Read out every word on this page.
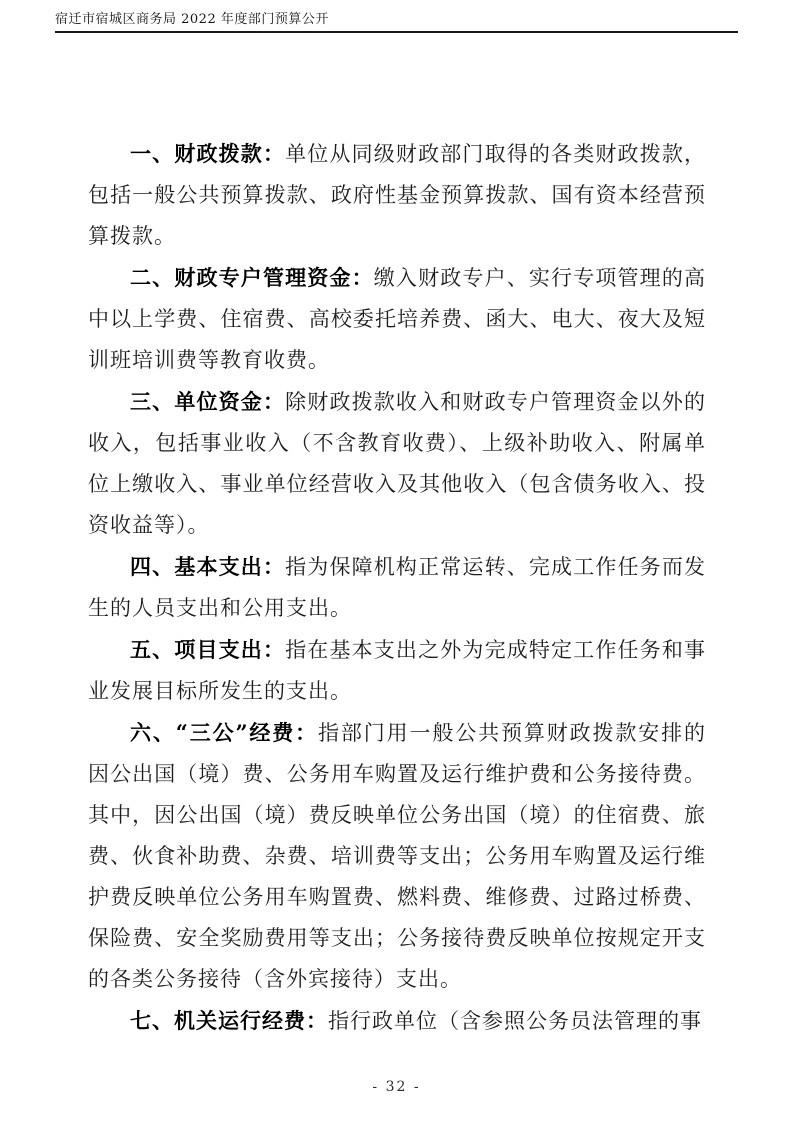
宿迁市宿城区商务局 2022 年度部门预算公开

一、财政拨款：单位从同级财政部门取得的各类财政拨款，包括一般公共预算拨款、政府性基金预算拨款、国有资本经营预算拨款。

二、财政专户管理资金：缴入财政专户、实行专项管理的高中以上学费、住宿费、高校委托培养费、函大、电大、夜大及短训班培训费等教育收费。

三、单位资金：除财政拨款收入和财政专户管理资金以外的收入，包括事业收入（不含教育收费）、上级补助收入、附属单位上缴收入、事业单位经营收入及其他收入（包含债务收入、投资收益等）。

四、基本支出：指为保障机构正常运转、完成工作任务而发生的人员支出和公用支出。

五、项目支出：指在基本支出之外为完成特定工作任务和事业发展目标所发生的支出。

六、“三公”经费：指部门用一般公共预算财政拨款安排的因公出国（境）费、公务用车购置及运行维护费和公务接待费。其中，因公出国（境）费反映单位公务出国（境）的住宿费、旅费、伙食补助费、杂费、培训费等支出；公务用车购置及运行维护费反映单位公务用车购置费、燃料费、维修费、过路过桥费、保险费、安全奖励费用等支出；公务接待费反映单位按规定开支的各类公务接待（含外宾接待）支出。

七、机关运行经费：指行政单位（含参照公务员法管理的事

- 32 -
